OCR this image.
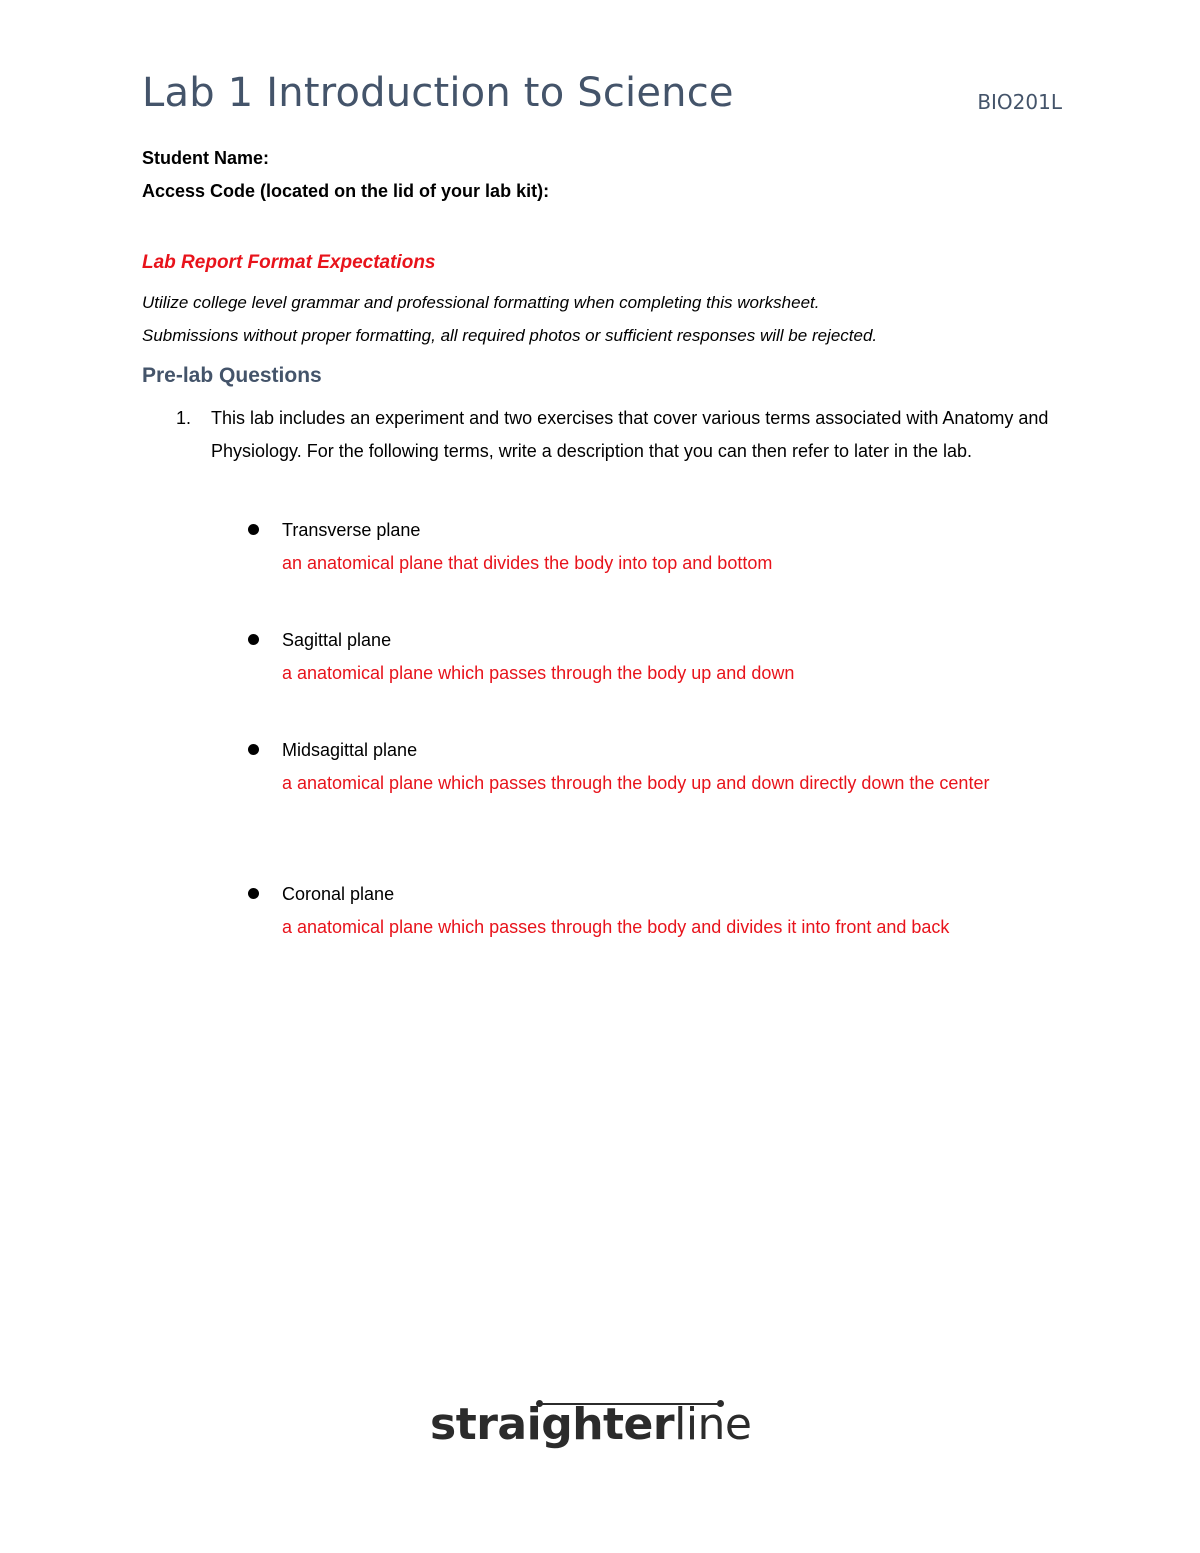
Lab 1 Introduction to Science	BIO201L
Student Name:
Access Code (located on the lid of your lab kit):
Lab Report Format Expectations
Utilize college level grammar and professional formatting when completing this worksheet.
Submissions without proper formatting, all required photos or sufficient responses will be rejected.
Pre-lab Questions
1. This lab includes an experiment and two exercises that cover various terms associated with Anatomy and Physiology. For the following terms, write a description that you can then refer to later in the lab.
Transverse plane
an anatomical plane that divides the body into top and bottom
Sagittal plane
a anatomical plane which passes through the body up and down
Midsagittal plane
a anatomical plane which passes through the body up and down directly down the center
Coronal plane
a anatomical plane which passes through the body and divides it into front and back
straighterline
